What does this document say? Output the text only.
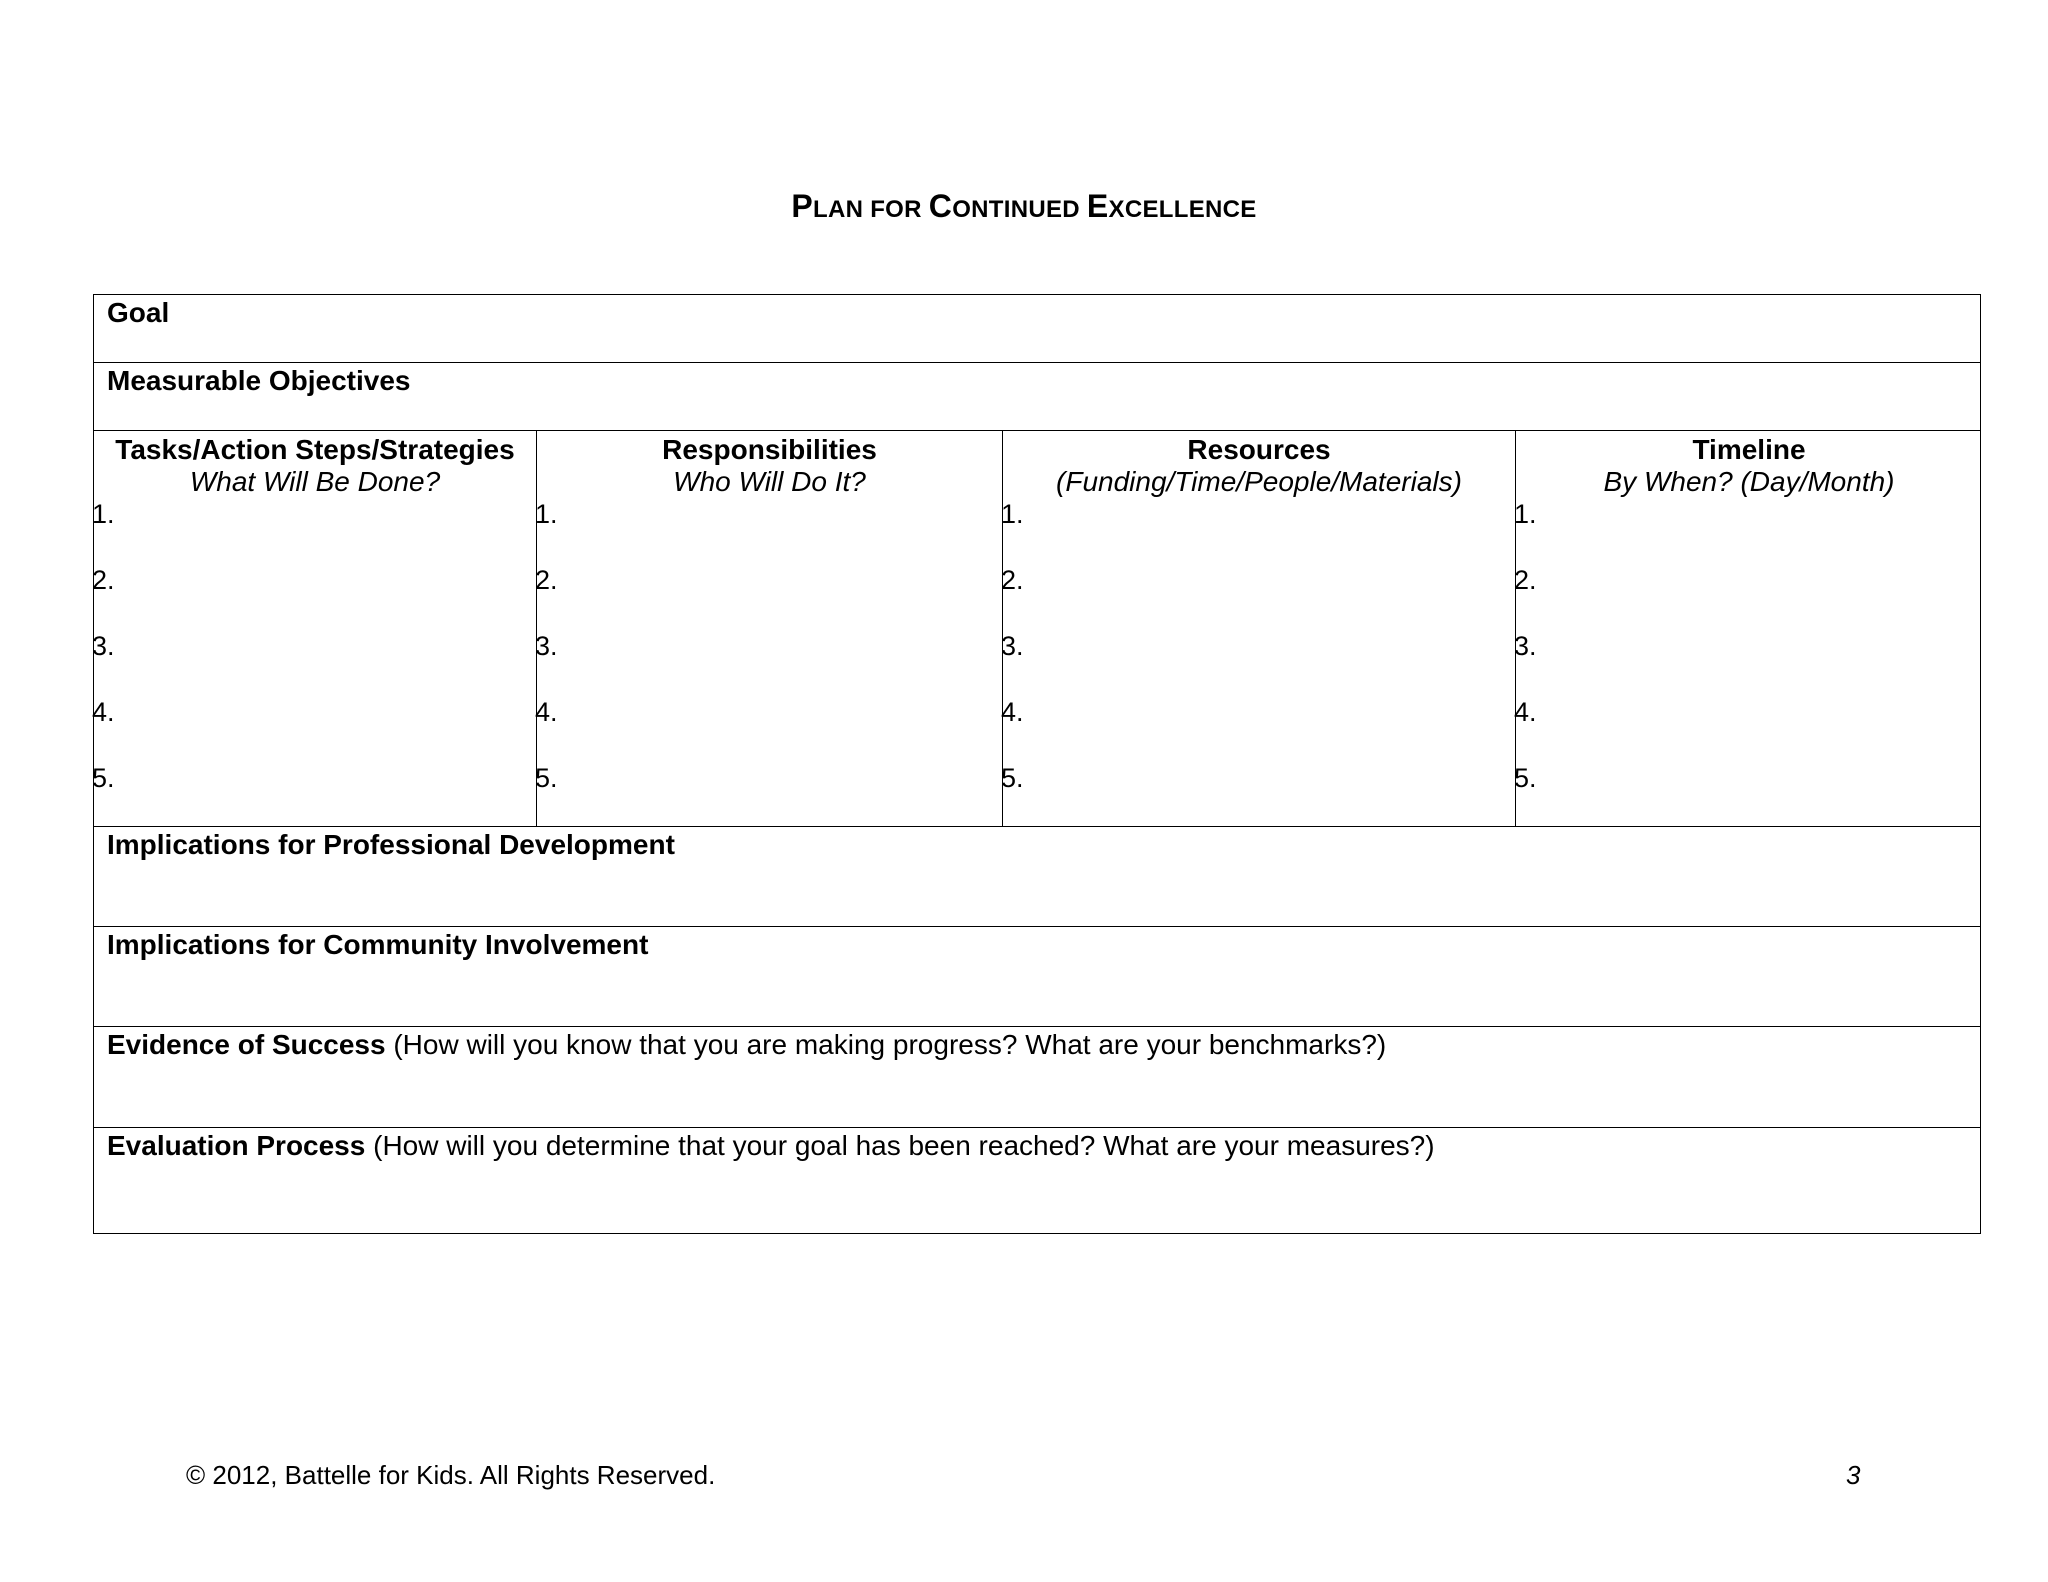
PLAN FOR CONTINUED EXCELLENCE
Goal
Measurable Objectives
Tasks/Action Steps/Strategies
What Will Be Done?
1.
2.
3.
4.
5.
Responsibilities
Who Will Do It?
1.
2.
3.
4.
5.
Resources
(Funding/Time/People/Materials)
1.
2.
3.
4.
5.
Timeline
By When? (Day/Month)
1.
2.
3.
4.
5.
Implications for Professional Development
Implications for Community Involvement
Evidence of Success (How will you know that you are making progress? What are your benchmarks?)
Evaluation Process (How will you determine that your goal has been reached? What are your measures?)
© 2012, Battelle for Kids. All Rights Reserved.	3
